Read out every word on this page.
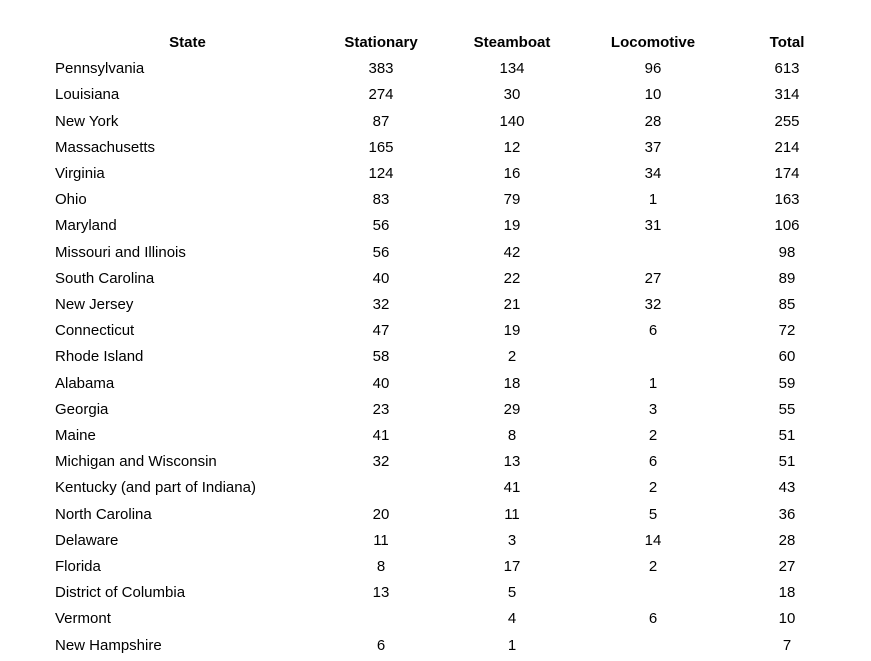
State	Stationary	Steamboat	Locomotive	Total
Pennsylvania	383	134	96	613
Louisiana	274	30	10	314
New York	87	140	28	255
Massachusetts	165	12	37	214
Virginia	124	16	34	174
Ohio	83	79	1	163
Maryland	56	19	31	106
Missouri and Illinois	56	42		98
South Carolina	40	22	27	89
New Jersey	32	21	32	85
Connecticut	47	19	6	72
Rhode Island	58	2		60
Alabama	40	18	1	59
Georgia	23	29	3	55
Maine	41	8	2	51
Michigan and Wisconsin	32	13	6	51
Kentucky (and part of Indiana)		41	2	43
North Carolina	20	11	5	36
Delaware	11	3	14	28
Florida	8	17	2	27
District of Columbia	13	5		18
Vermont		4	6	10
New Hampshire	6	1		7
